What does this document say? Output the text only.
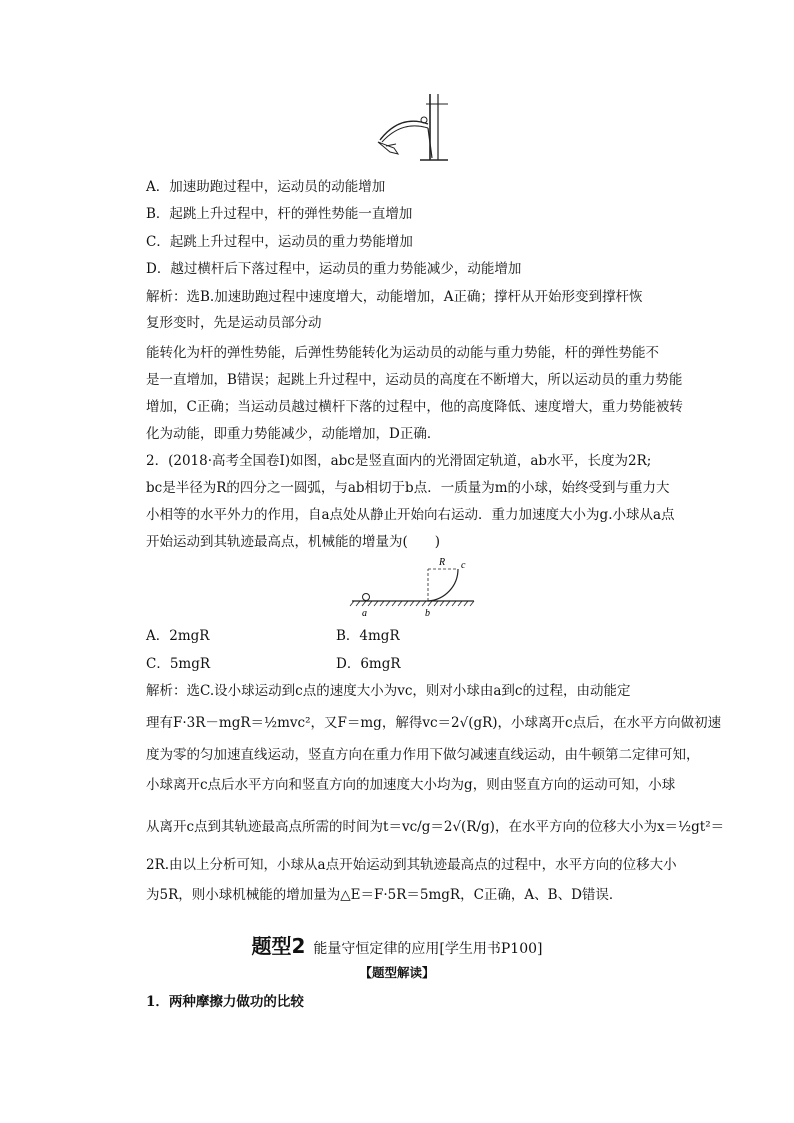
A．加速助跑过程中，运动员的动能增加
B．起跳上升过程中，杆的弹性势能一直增加
C．起跳上升过程中，运动员的重力势能增加
D．越过横杆后下落过程中，运动员的重力势能减少，动能增加
解析：选B.加速助跑过程中速度增大，动能增加，A正确；撑杆从开始形变到撑杆恢
复形变时，先是运动员部分动
能转化为杆的弹性势能，后弹性势能转化为运动员的动能与重力势能，杆的弹性势能不
是一直增加，B错误；起跳上升过程中，运动员的高度在不断增大，所以运动员的重力势能
增加，C正确；当运动员越过横杆下落的过程中，他的高度降低、速度增大，重力势能被转
化为动能，即重力势能减少，动能增加，D正确．
2．(2018·高考全国卷Ⅰ)如图，abc是竖直面内的光滑固定轨道，ab水平，长度为2R;
bc是半径为R的四分之一圆弧，与ab相切于b点．一质量为m的小球，始终受到与重力大
小相等的水平外力的作用，自a点处从静止开始向右运动．重力加速度大小为g.小球从a点
开始运动到其轨迹最高点，机械能的增量为(　　)
a	b
c
R
A．2mgR	B．4mgR
C．5mgR	D．6mgR
解析：选C.设小球运动到c点的速度大小为vc，则对小球由a到c的过程，由动能定
理有F·3R－mgR＝½mvc²，又F＝mg，解得vc＝2√(gR)，小球离开c点后，在水平方向做初速
度为零的匀加速直线运动，竖直方向在重力作用下做匀减速直线运动，由牛顿第二定律可知，
小球离开c点后水平方向和竖直方向的加速度大小均为g，则由竖直方向的运动可知，小球
从离开c点到其轨迹最高点所需的时间为t＝vc/g＝2√(R/g)，在水平方向的位移大小为x＝½gt²＝
2R.由以上分析可知，小球从a点开始运动到其轨迹最高点的过程中，水平方向的位移大小
为5R，则小球机械能的增加量为△E＝F·5R＝5mgR，C正确，A、B、D错误．
题型2 能量守恒定律的应用[学生用书P100]
【题型解读】
1．两种摩擦力做功的比较
